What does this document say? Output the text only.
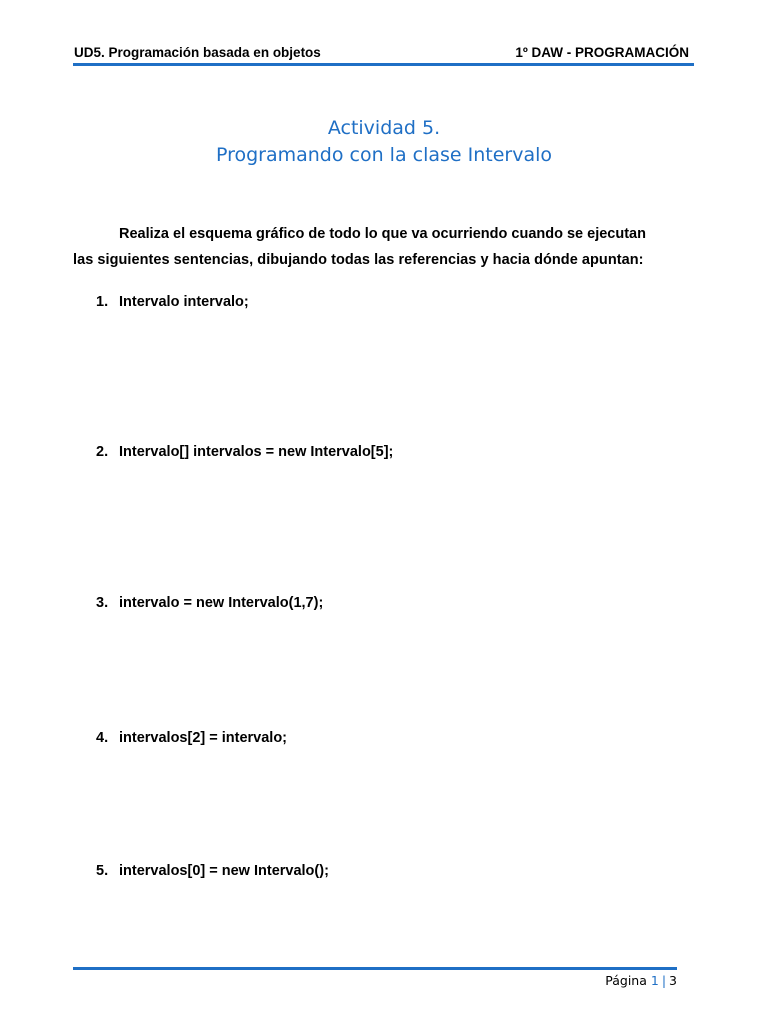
UD5. Programación basada en objetos	1º DAW - PROGRAMACIÓN
Actividad 5.
Programando con la clase Intervalo
Realiza el esquema gráfico de todo lo que va ocurriendo cuando se ejecutan
las siguientes sentencias, dibujando todas las referencias y hacia dónde apuntan:
1. Intervalo intervalo;
2. Intervalo[] intervalos = new Intervalo[5];
3. intervalo = new Intervalo(1,7);
4. intervalos[2] = intervalo;
5. intervalos[0] = new Intervalo();
Página 1 | 3
